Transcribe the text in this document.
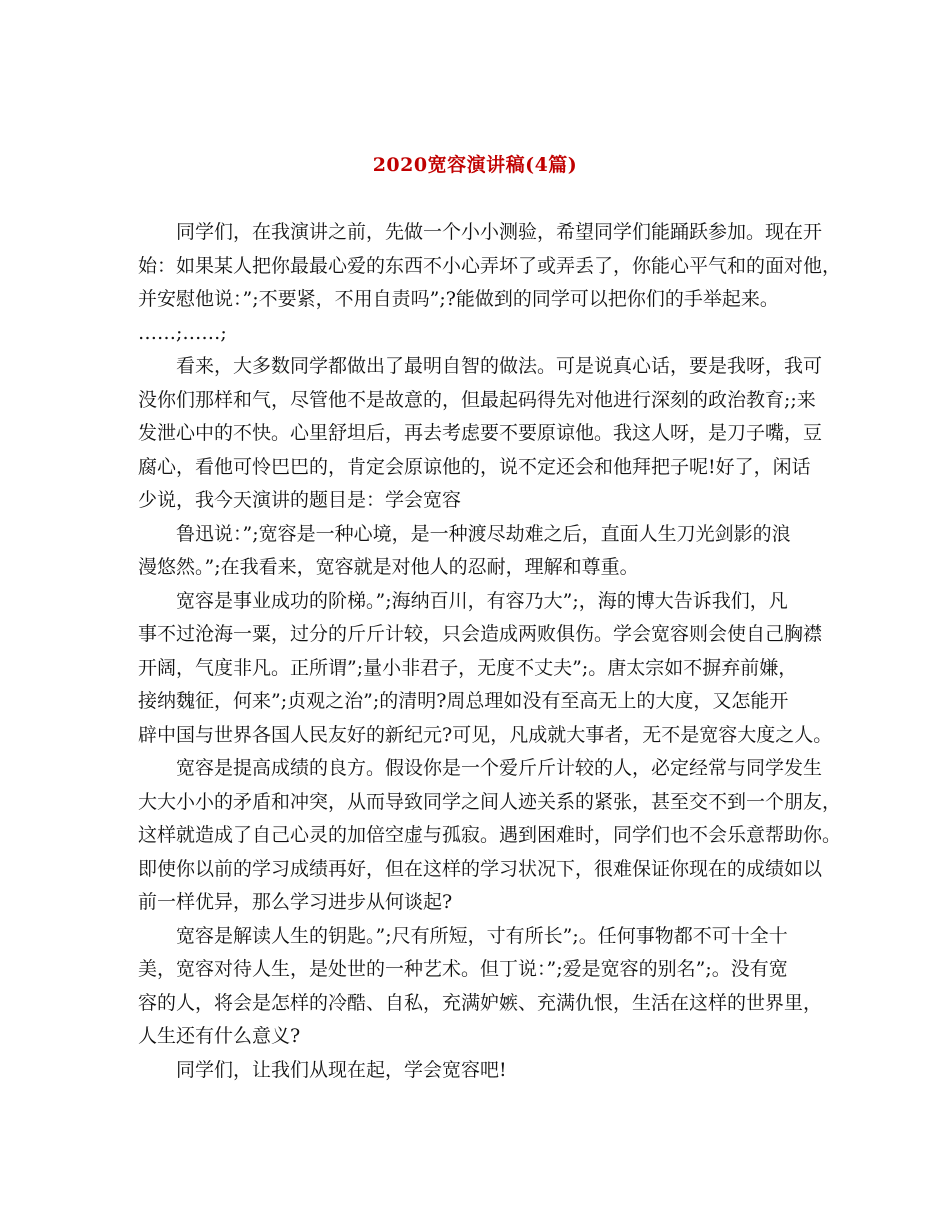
2020宽容演讲稿(4篇)
同学们，在我演讲之前，先做一个小小测验，希望同学们能踊跃参加。现在开
始：如果某人把你最最心爱的东西不小心弄坏了或弄丢了，你能心平气和的面对他，
并安慰他说：”;不要紧，不用自责吗”;?能做到的同学可以把你们的手举起来。
……;……;
看来，大多数同学都做出了最明自智的做法。可是说真心话，要是我呀，我可
没你们那样和气，尽管他不是故意的，但最起码得先对他进行深刻的政治教育;;来
发泄心中的不快。心里舒坦后，再去考虑要不要原谅他。我这人呀，是刀子嘴，豆
腐心，看他可怜巴巴的，肯定会原谅他的，说不定还会和他拜把子呢!好了，闲话
少说，我今天演讲的题目是：学会宽容
鲁迅说：”;宽容是一种心境，是一种渡尽劫难之后，直面人生刀光剑影的浪
漫悠然。”;在我看来，宽容就是对他人的忍耐，理解和尊重。
宽容是事业成功的阶梯。”;海纳百川，有容乃大”;，海的博大告诉我们，凡
事不过沧海一粟，过分的斤斤计较，只会造成两败俱伤。学会宽容则会使自己胸襟
开阔，气度非凡。正所谓”;量小非君子，无度不丈夫”;。唐太宗如不摒弃前嫌，
接纳魏征，何来”;贞观之治”;的清明?周总理如没有至高无上的大度，又怎能开
辟中国与世界各国人民友好的新纪元?可见，凡成就大事者，无不是宽容大度之人。
宽容是提高成绩的良方。假设你是一个爱斤斤计较的人，必定经常与同学发生
大大小小的矛盾和冲突，从而导致同学之间人迹关系的紧张，甚至交不到一个朋友，
这样就造成了自己心灵的加倍空虚与孤寂。遇到困难时，同学们也不会乐意帮助你。
即使你以前的学习成绩再好，但在这样的学习状况下，很难保证你现在的成绩如以
前一样优异，那么学习进步从何谈起?
宽容是解读人生的钥匙。”;尺有所短，寸有所长”;。任何事物都不可十全十
美，宽容对待人生，是处世的一种艺术。但丁说：”;爱是宽容的别名”;。没有宽
容的人，将会是怎样的冷酷、自私，充满妒嫉、充满仇恨，生活在这样的世界里，
人生还有什么意义?
同学们，让我们从现在起，学会宽容吧!
